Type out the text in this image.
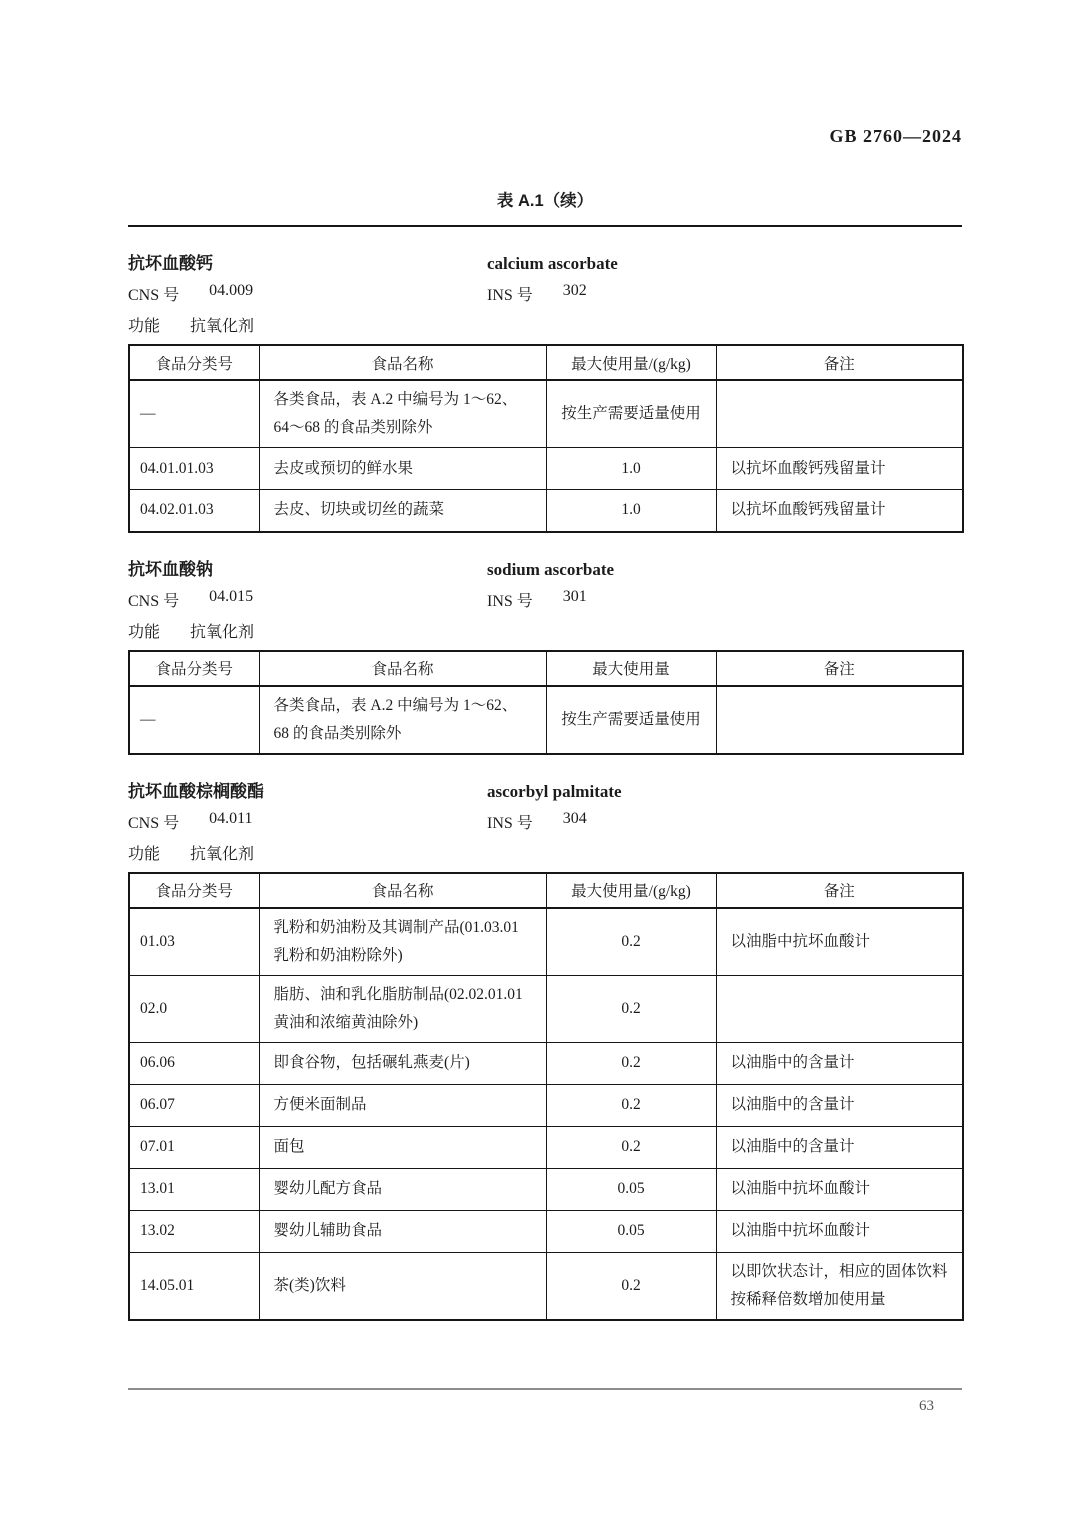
GB 2760—2024
表 A.1（续）
抗坏血酸钙	calcium ascorbate
CNS 号 04.009	INS 号 302
功能 抗氧化剂
食品分类号	食品名称	最大使用量/(g/kg)	备注
—	各类食品，表 A.2 中编号为 1～62、64～68 的食品类别除外	按生产需要适量使用	
04.01.01.03	去皮或预切的鲜水果	1.0	以抗坏血酸钙残留量计
04.02.01.03	去皮、切块或切丝的蔬菜	1.0	以抗坏血酸钙残留量计
抗坏血酸钠	sodium ascorbate
CNS 号 04.015	INS 号 301
功能 抗氧化剂
食品分类号	食品名称	最大使用量	备注
—	各类食品，表 A.2 中编号为 1～62、68 的食品类别除外	按生产需要适量使用	
抗坏血酸棕榈酸酯	ascorbyl palmitate
CNS 号 04.011	INS 号 304
功能 抗氧化剂
食品分类号	食品名称	最大使用量/(g/kg)	备注
01.03	乳粉和奶油粉及其调制产品(01.03.01 乳粉和奶油粉除外)	0.2	以油脂中抗坏血酸计
02.0	脂肪、油和乳化脂肪制品(02.02.01.01 黄油和浓缩黄油除外)	0.2	
06.06	即食谷物，包括碾轧燕麦(片)	0.2	以油脂中的含量计
06.07	方便米面制品	0.2	以油脂中的含量计
07.01	面包	0.2	以油脂中的含量计
13.01	婴幼儿配方食品	0.05	以油脂中抗坏血酸计
13.02	婴幼儿辅助食品	0.05	以油脂中抗坏血酸计
14.05.01	茶(类)饮料	0.2	以即饮状态计，相应的固体饮料按稀释倍数增加使用量
63
